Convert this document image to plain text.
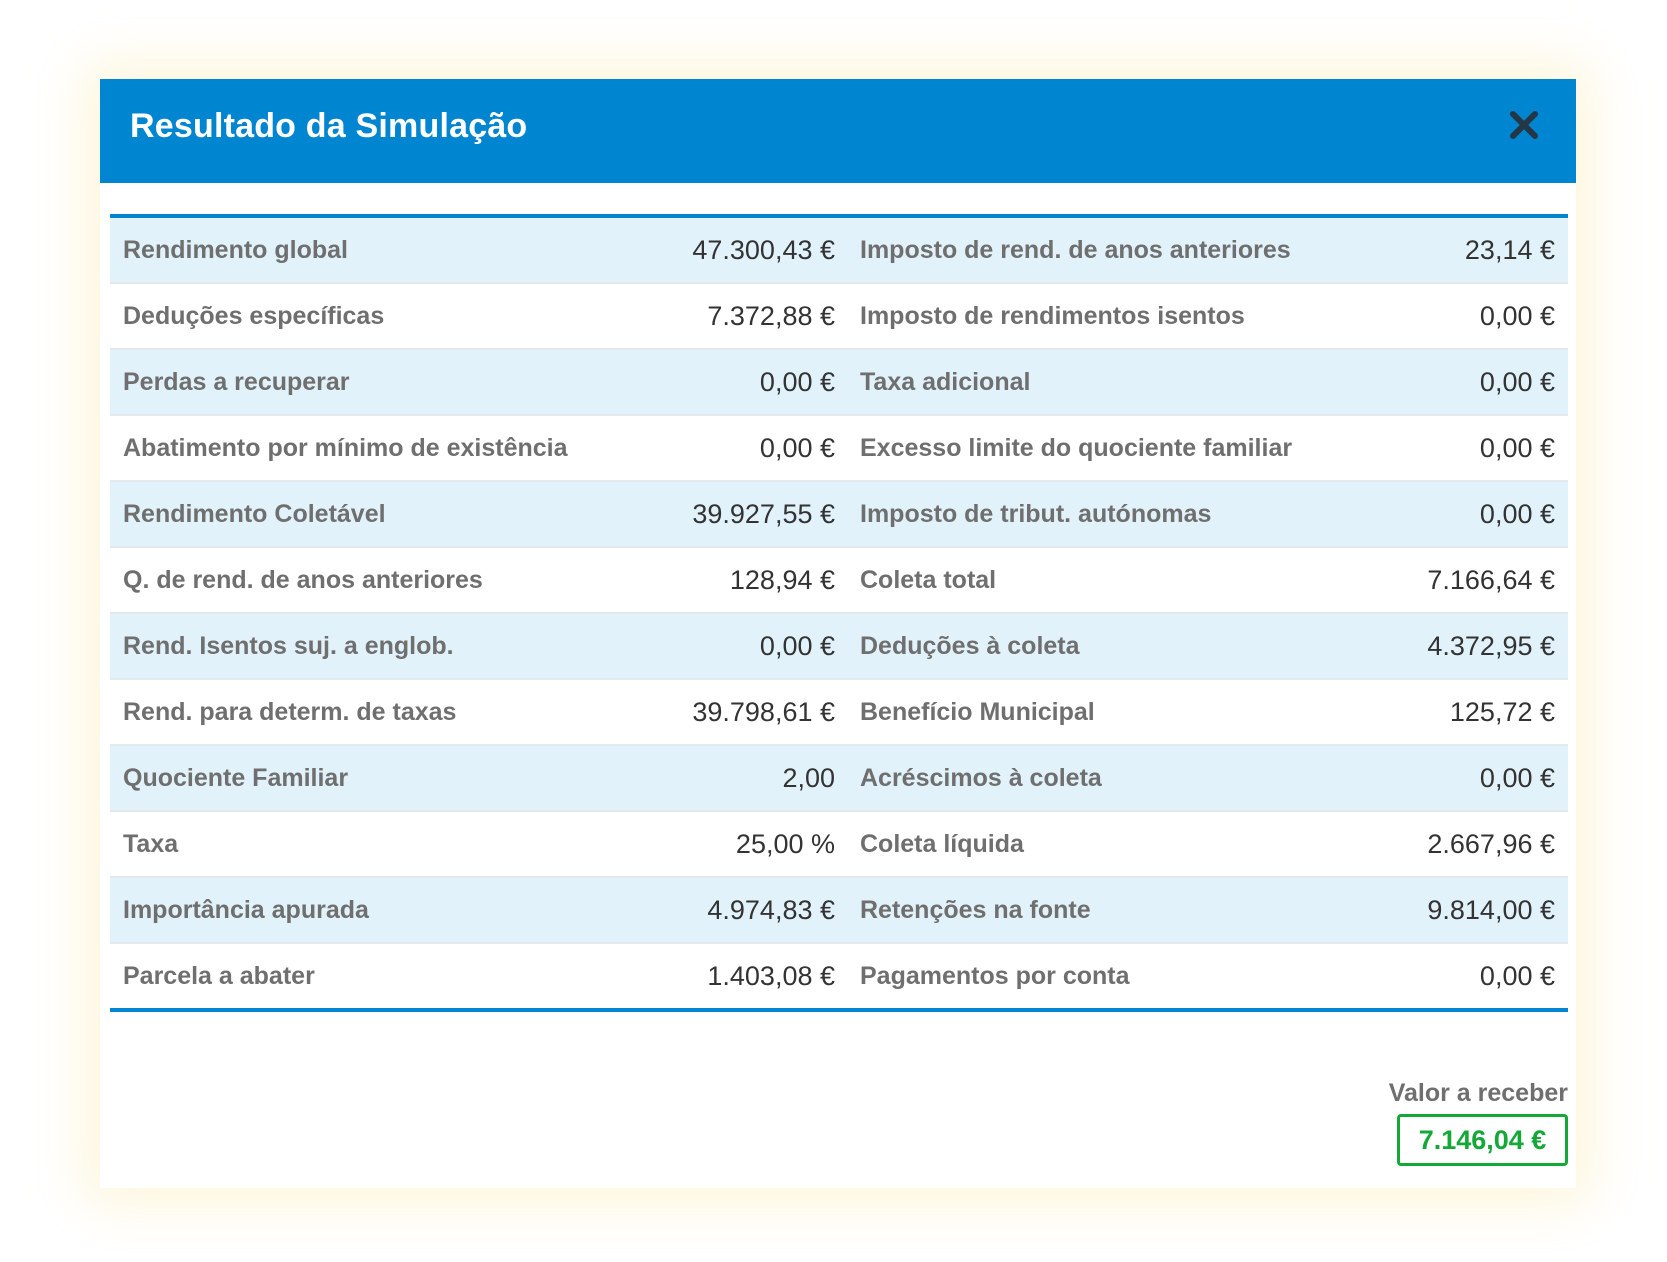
Resultado da Simulação
Rendimento global	47.300,43 €	Imposto de rend. de anos anteriores	23,14 €
Deduções específicas	7.372,88 €	Imposto de rendimentos isentos	0,00 €
Perdas a recuperar	0,00 €	Taxa adicional	0,00 €
Abatimento por mínimo de existência	0,00 €	Excesso limite do quociente familiar	0,00 €
Rendimento Coletável	39.927,55 €	Imposto de tribut. autónomas	0,00 €
Q. de rend. de anos anteriores	128,94 €	Coleta total	7.166,64 €
Rend. Isentos suj. a englob.	0,00 €	Deduções à coleta	4.372,95 €
Rend. para determ. de taxas	39.798,61 €	Benefício Municipal	125,72 €
Quociente Familiar	2,00	Acréscimos à coleta	0,00 €
Taxa	25,00 %	Coleta líquida	2.667,96 €
Importância apurada	4.974,83 €	Retenções na fonte	9.814,00 €
Parcela a abater	1.403,08 €	Pagamentos por conta	0,00 €
Valor a receber
7.146,04 €
